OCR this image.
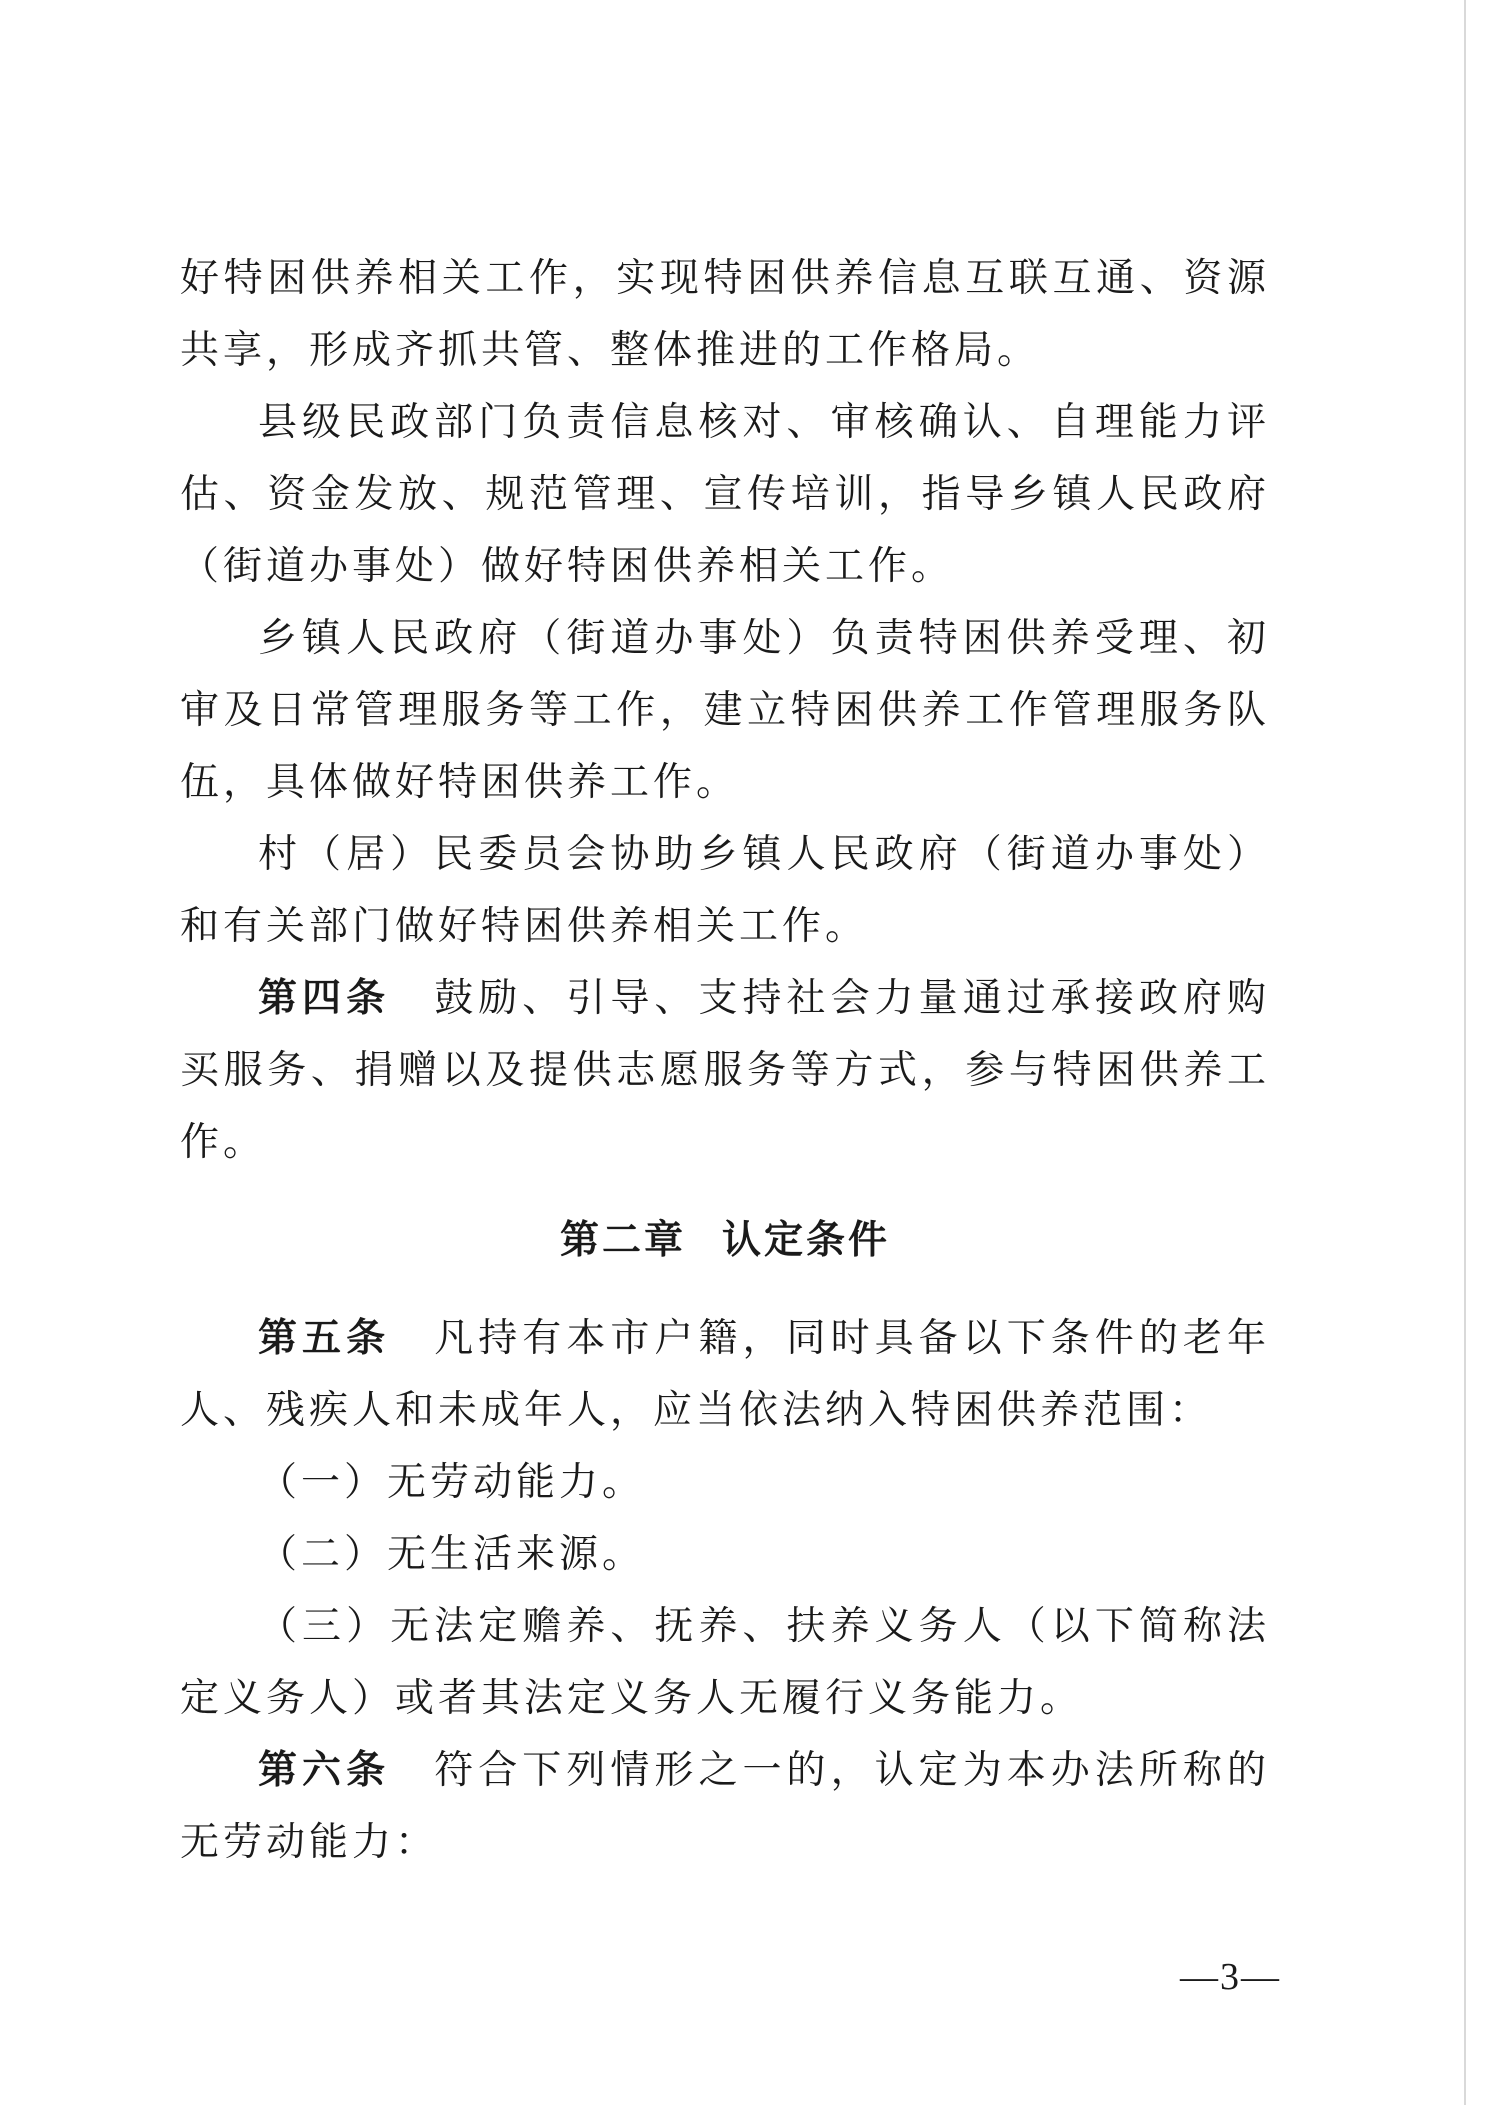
好特困供养相关工作，实现特困供养信息互联互通、资源共享，形成齐抓共管、整体推进的工作格局。

县级民政部门负责信息核对、审核确认、自理能力评估、资金发放、规范管理、宣传培训，指导乡镇人民政府（街道办事处）做好特困供养相关工作。

乡镇人民政府（街道办事处）负责特困供养受理、初审及日常管理服务等工作，建立特困供养工作管理服务队伍，具体做好特困供养工作。

村（居）民委员会协助乡镇人民政府（街道办事处）和有关部门做好特困供养相关工作。

第四条　 鼓励、引导、支持社会力量通过承接政府购买服务、捐赠以及提供志愿服务等方式，参与特困供养工作。

第二章 认定条件

第五条　 凡持有本市户籍，同时具备以下条件的老年人、残疾人和未成年人，应当依法纳入特困供养范围：

（一）无劳动能力。

（二）无生活来源。

（三）无法定赡养、抚养、扶养义务人（以下简称法定义务人）或者其法定义务人无履行义务能力。

第六条　 符合下列情形之一的，认定为本办法所称的无劳动能力：

—3—
